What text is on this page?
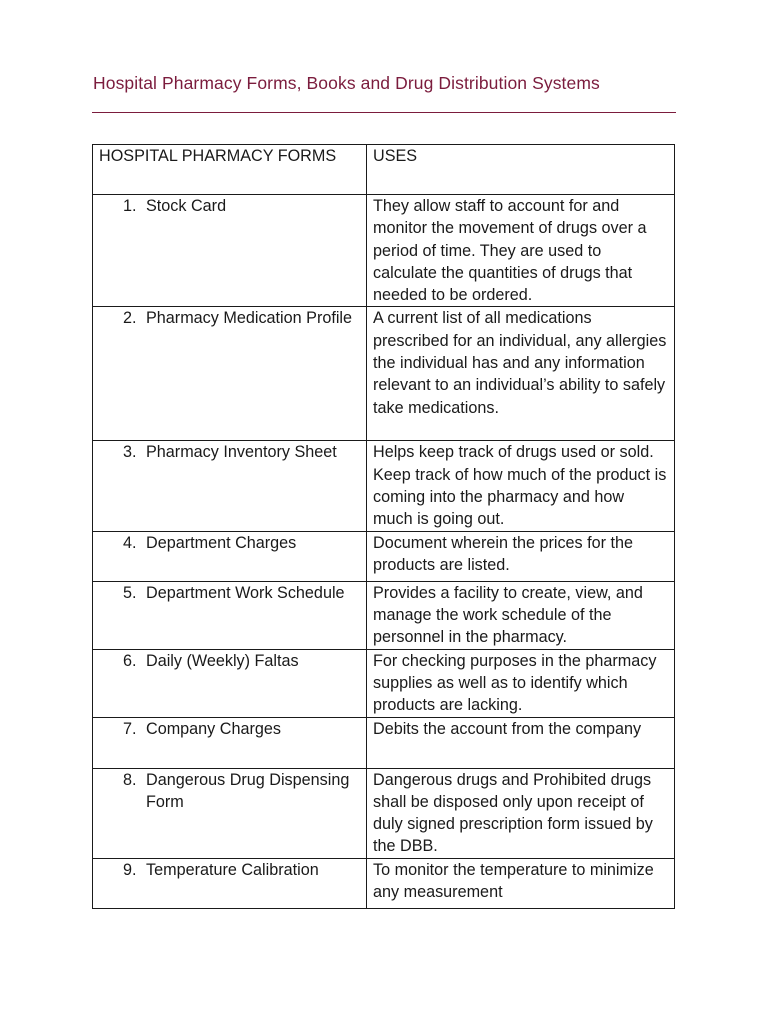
Hospital Pharmacy Forms, Books and Drug Distribution Systems
HOSPITAL PHARMACY FORMS	USES

1. Stock Card	They allow staff to account for and monitor the movement of drugs over a period of time. They are used to calculate the quantities of drugs that needed to be ordered.

2. Pharmacy Medication Profile	A current list of all medications prescribed for an individual, any allergies the individual has and any information relevant to an individual’s ability to safely take medications.

3. Pharmacy Inventory Sheet	Helps keep track of drugs used or sold. Keep track of how much of the product is coming into the pharmacy and how much is going out.

4. Department Charges	Document wherein the prices for the products are listed.

5. Department Work Schedule	Provides a facility to create, view, and manage the work schedule of the personnel in the pharmacy.

6. Daily (Weekly) Faltas	For checking purposes in the pharmacy supplies as well as to identify which products are lacking.

7. Company Charges	Debits the account from the company

8. Dangerous Drug Dispensing Form	Dangerous drugs and Prohibited drugs shall be disposed only upon receipt of duly signed prescription form issued by the DBB.

9. Temperature Calibration	To monitor the temperature to minimize any measurement
